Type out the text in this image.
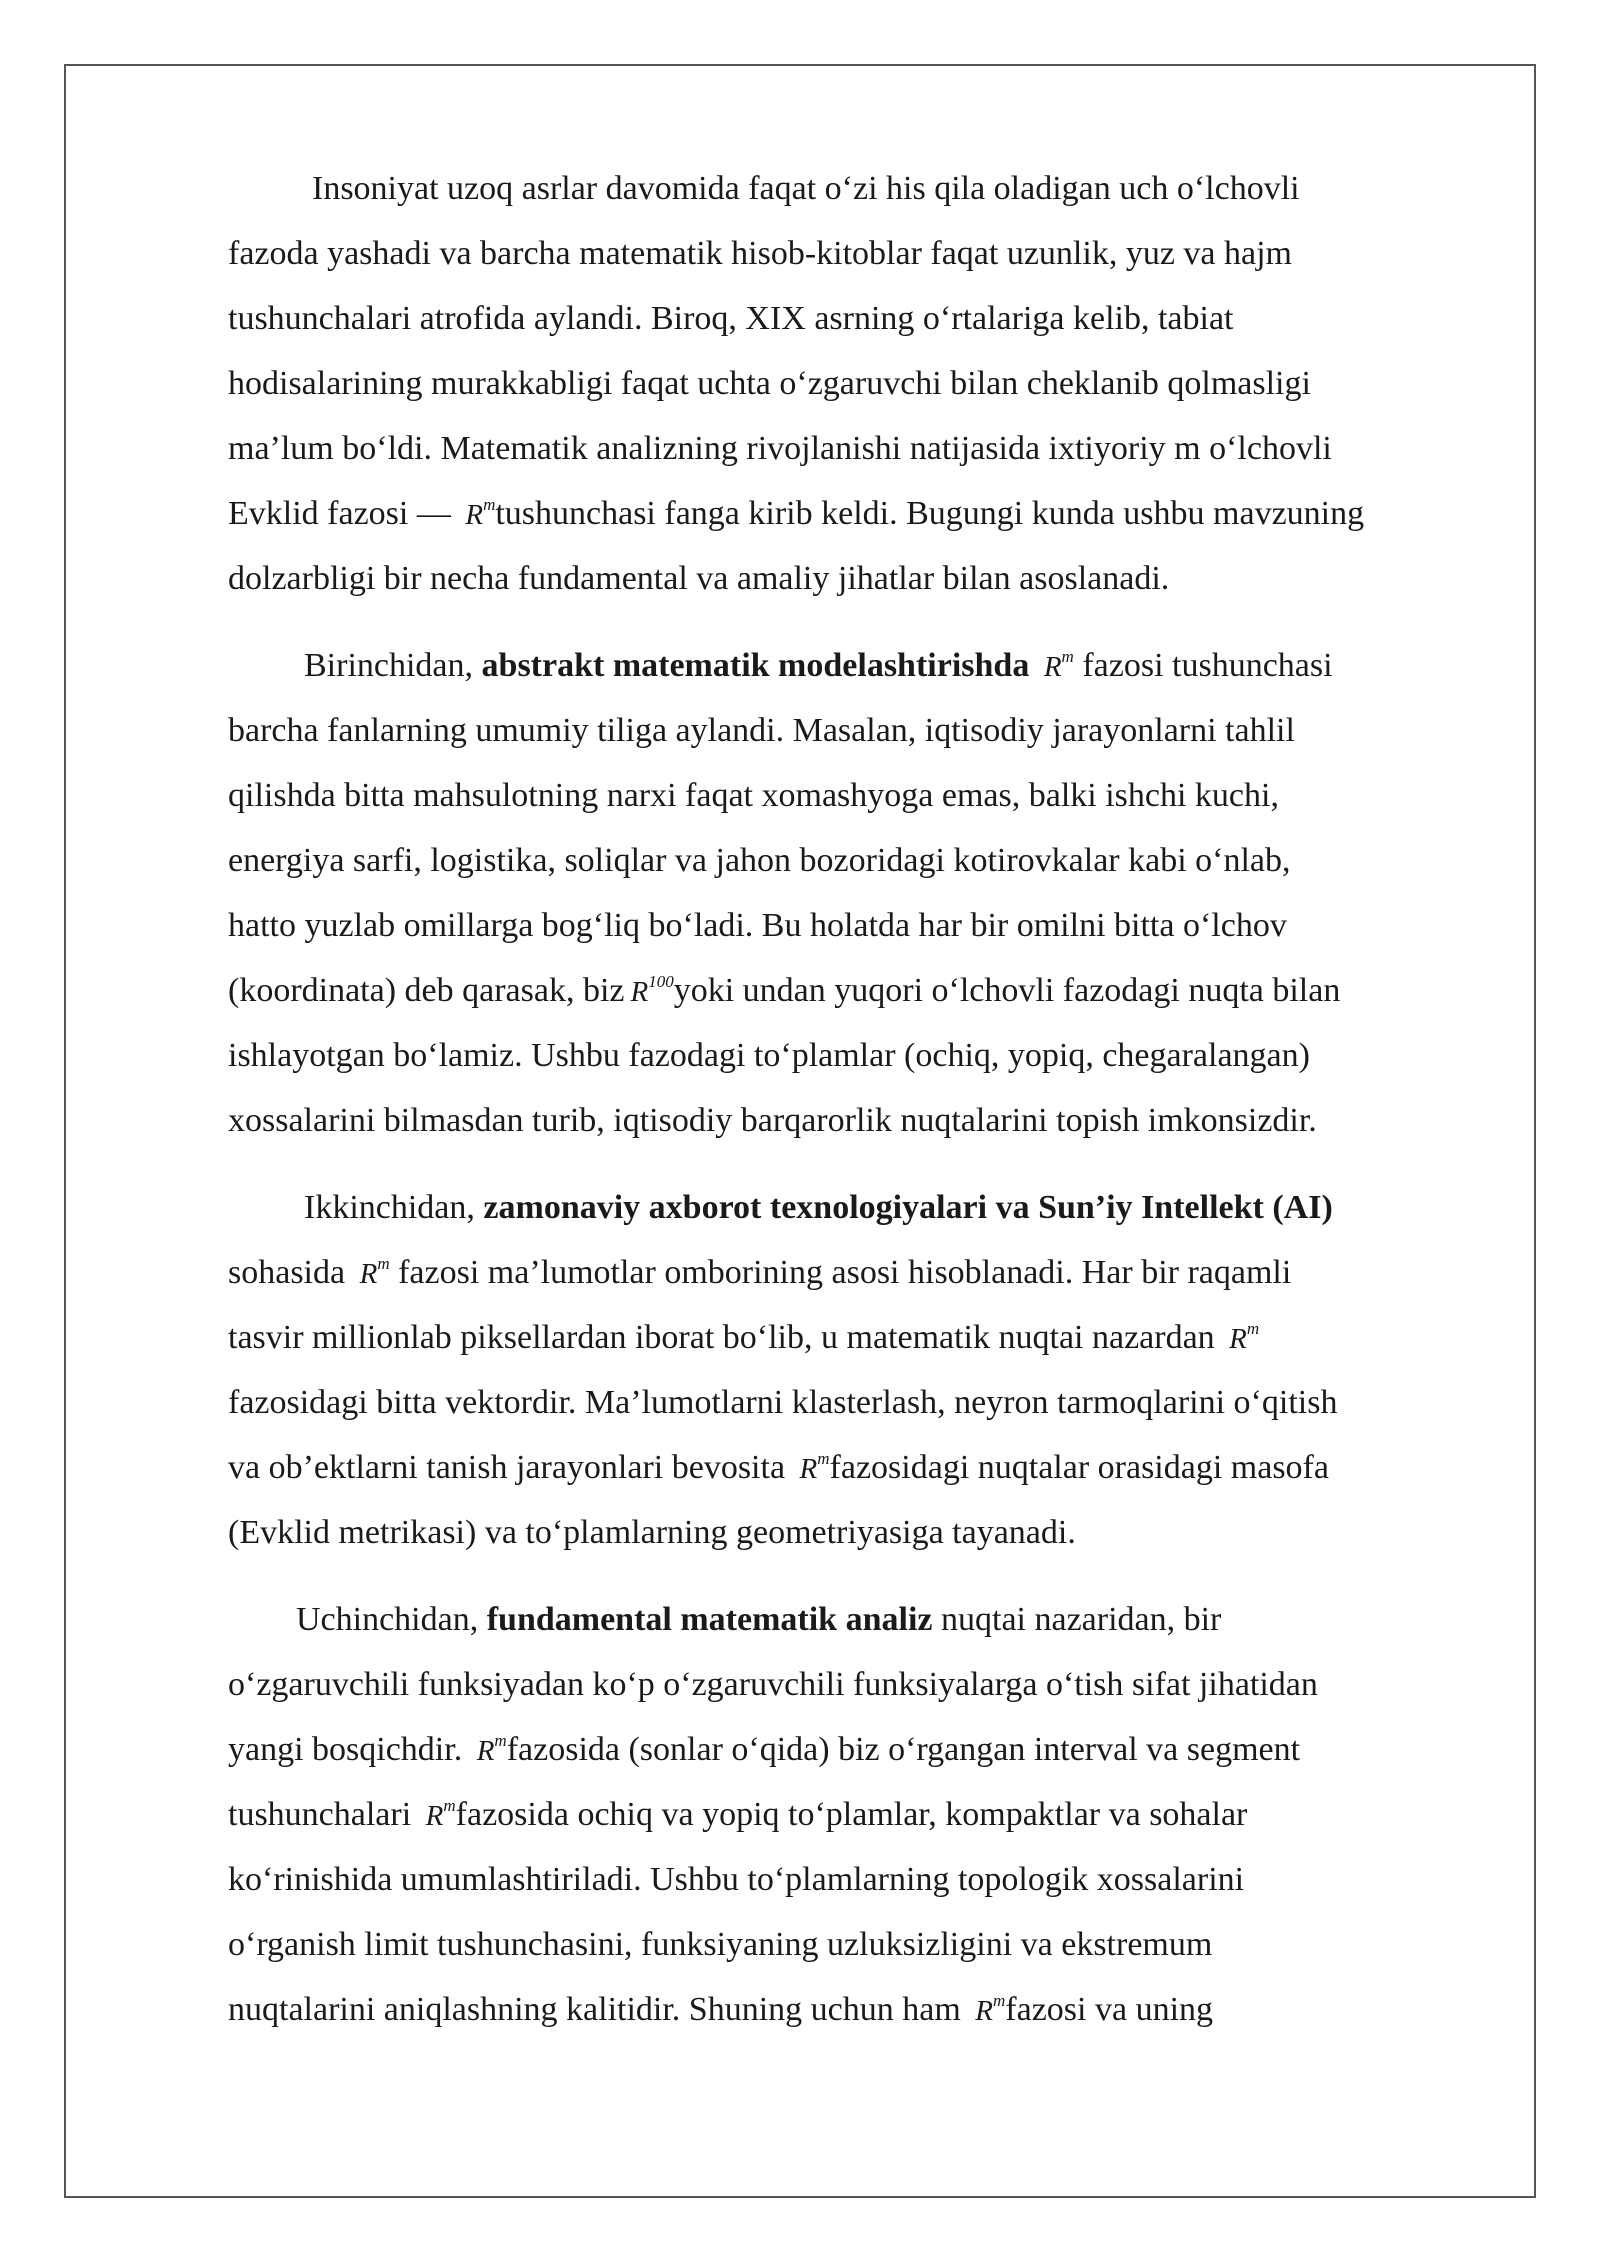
Insoniyat uzoq asrlar davomida faqat o‘zi his qila oladigan uch o‘lchovli
fazoda yashadi va barcha matematik hisob-kitoblar faqat uzunlik, yuz va hajm
tushunchalari atrofida aylandi. Biroq, XIX asrning o‘rtalariga kelib, tabiat
hodisalarining murakkabligi faqat uchta o‘zgaruvchi bilan cheklanib qolmasligi
ma’lum bo‘ldi. Matematik analizning rivojlanishi natijasida ixtiyoriy m o‘lchovli
Evklid fazosi — $R^mtushunchasi$ fanga kirib keldi. Bugungi kunda ushbu mavzuning
dolzarbligi bir necha fundamental va amaliy jihatlar bilan asoslanadi.

Birinchidan, abstrakt matematik modelashtirishda $R^m$ fazosi tushunchasi
barcha fanlarning umumiy tiliga aylandi. Masalan, iqtisodiy jarayonlarni tahlil
qilishda bitta mahsulotning narxi faqat xomashyoga emas, balki ishchi kuchi,
energiya sarfi, logistika, soliqlar va jahon bozoridagi kotirovkalar kabi o‘nlab,
hatto yuzlab omillarga bog‘liq bo‘ladi. Bu holatda har bir omilni bitta o‘lchov
(koordinata) deb qarasak, biz $R^{100}yoki$ undan yuqori o‘lchovli fazodagi nuqta bilan
ishlayotgan bo‘lamiz. Ushbu fazodagi to‘plamlar (ochiq, yopiq, chegaralangan)
xossalarini bilmasdan turib, iqtisodiy barqarorlik nuqtalarini topish imkonsizdir.

Ikkinchidan, zamonaviy axborot texnologiyalari va Sun’iy Intellekt (AI)
sohasida $R^m$ fazosi ma’lumotlar omborining asosi hisoblanadi. Har bir raqamli
tasvir millionlab piksellardan iborat bo‘lib, u matematik nuqtai nazardan $R^m$
fazosidagi bitta vektordir. Ma’lumotlarni klasterlash, neyron tarmoqlarini o‘qitish
va ob’ektlarni tanish jarayonlari bevosita $R^mfazosidagi$ nuqtalar orasidagi masofa
(Evklid metrikasi) va to‘plamlarning geometriyasiga tayanadi.

Uchinchidan, fundamental matematik analiz nuqtai nazaridan, bir
o‘zgaruvchili funksiyadan ko‘p o‘zgaruvchili funksiyalarga o‘tish sifat jihatidan
yangi bosqichdir. $R^mfazosida$ (sonlar o‘qida) biz o‘rgangan interval va segment
tushunchalari $R^mfazosida$ ochiq va yopiq to‘plamlar, kompaktlar va sohalar
ko‘rinishida umumlashtiriladi. Ushbu to‘plamlarning topologik xossalarini
o‘rganish limit tushunchasini, funksiyaning uzluksizligini va ekstremum
nuqtalarini aniqlashning kalitidir. Shuning uchun ham $R^mfazosi$ va uning
